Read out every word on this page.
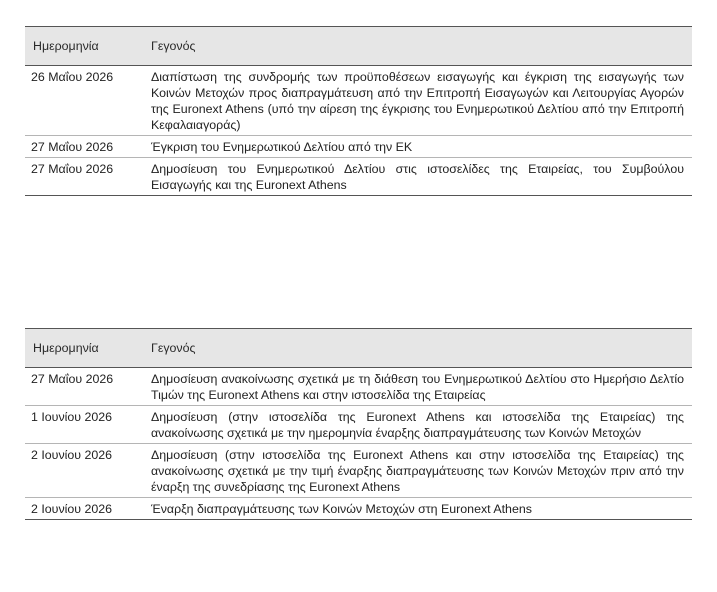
Ημερομηνία	Γεγονός
26 Μαΐου 2026	Διαπίστωση της συνδρομής των προϋποθέσεων εισαγωγής και έγκριση της εισαγωγής των Κοινών Μετοχών προς διαπραγμάτευση από την Επιτροπή Εισαγωγών και Λειτουργίας Αγορών της Euronext Athens (υπό την αίρεση της έγκρισης του Ενημερωτικού Δελτίου από την Επιτροπή Κεφαλαιαγοράς)
27 Μαΐου 2026	Έγκριση του Ενημερωτικού Δελτίου από την ΕΚ
27 Μαΐου 2026	Δημοσίευση του Ενημερωτικού Δελτίου στις ιστοσελίδες της Εταιρείας, του Συμβούλου Εισαγωγής και της Euronext Athens
Ημερομηνία	Γεγονός
27 Μαΐου 2026	Δημοσίευση ανακοίνωσης σχετικά με τη διάθεση του Ενημερωτικού Δελτίου στο Ημερήσιο Δελτίο Τιμών της Euronext Athens και στην ιστοσελίδα της Εταιρείας
1 Ιουνίου 2026	Δημοσίευση (στην ιστοσελίδα της Euronext Athens και ιστοσελίδα της Εταιρείας) της ανακοίνωσης σχετικά με την ημερομηνία έναρξης διαπραγμάτευσης των Κοινών Μετοχών
2 Ιουνίου 2026	Δημοσίευση (στην ιστοσελίδα της Euronext Athens και στην ιστοσελίδα της Εταιρείας) της ανακοίνωσης σχετικά με την τιμή έναρξης διαπραγμάτευσης των Κοινών Μετοχών πριν από την έναρξη της συνεδρίασης της Euronext Athens
2 Ιουνίου 2026	Έναρξη διαπραγμάτευσης των Κοινών Μετοχών στη Euronext Athens
